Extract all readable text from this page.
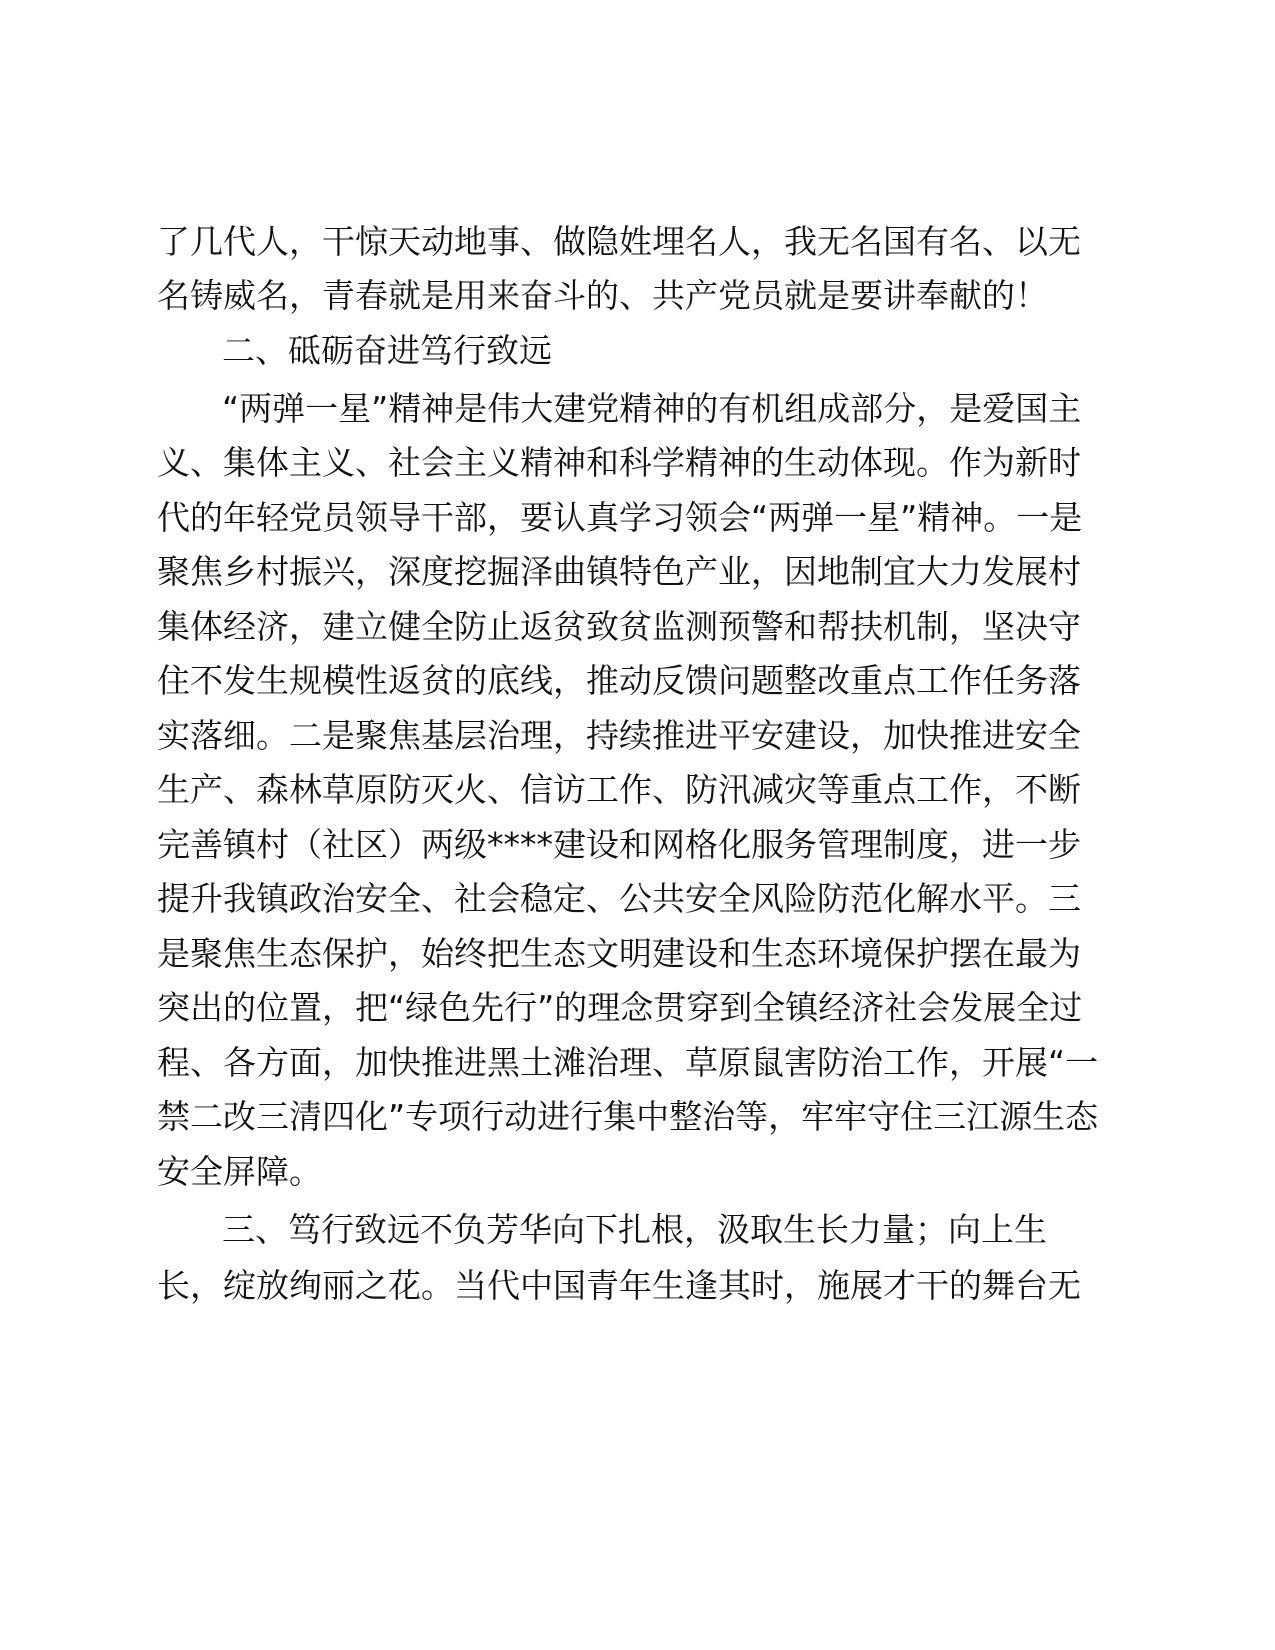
了几代人，干惊天动地事、做隐姓埋名人，我无名国有名、以无
名铸威名，青春就是用来奋斗的、共产党员就是要讲奉献的！
二、砥砺奋进笃行致远
“两弹一星”精神是伟大建党精神的有机组成部分，是爱国主
义、集体主义、社会主义精神和科学精神的生动体现。作为新时
代的年轻党员领导干部，要认真学习领会“两弹一星”精神。一是
聚焦乡村振兴，深度挖掘泽曲镇特色产业，因地制宜大力发展村
集体经济，建立健全防止返贫致贫监测预警和帮扶机制，坚决守
住不发生规模性返贫的底线，推动反馈问题整改重点工作任务落
实落细。二是聚焦基层治理，持续推进平安建设，加快推进安全
生产、森林草原防灭火、信访工作、防汛减灾等重点工作，不断
完善镇村（社区）两级****建设和网格化服务管理制度，进一步
提升我镇政治安全、社会稳定、公共安全风险防范化解水平。三
是聚焦生态保护，始终把生态文明建设和生态环境保护摆在最为
突出的位置，把“绿色先行”的理念贯穿到全镇经济社会发展全过
程、各方面，加快推进黑土滩治理、草原鼠害防治工作，开展“一
禁二改三清四化”专项行动进行集中整治等，牢牢守住三江源生态
安全屏障。
三、笃行致远不负芳华向下扎根，汲取生长力量；向上生
长，绽放绚丽之花。当代中国青年生逢其时，施展才干的舞台无
